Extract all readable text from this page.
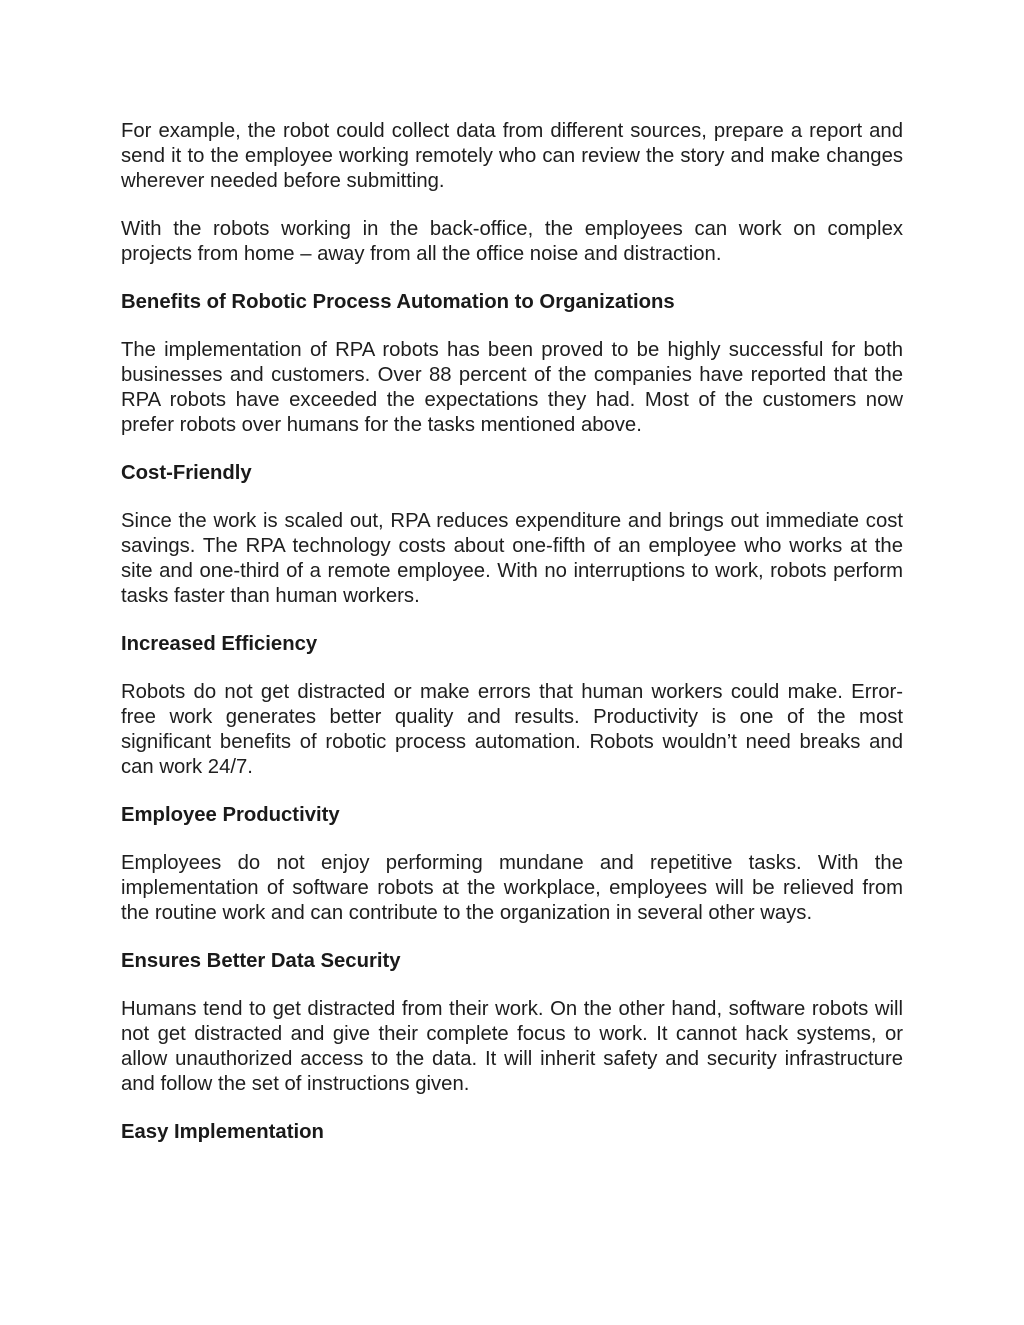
For example, the robot could collect data from different sources, prepare a report and send it to the employee working remotely who can review the story and make changes wherever needed before submitting.

With the robots working in the back-office, the employees can work on complex projects from home – away from all the office noise and distraction.

Benefits of Robotic Process Automation to Organizations

The implementation of RPA robots has been proved to be highly successful for both businesses and customers. Over 88 percent of the companies have reported that the RPA robots have exceeded the expectations they had. Most of the customers now prefer robots over humans for the tasks mentioned above.

Cost-Friendly

Since the work is scaled out, RPA reduces expenditure and brings out immediate cost savings. The RPA technology costs about one-fifth of an employee who works at the site and one-third of a remote employee. With no interruptions to work, robots perform tasks faster than human workers.

Increased Efficiency

Robots do not get distracted or make errors that human workers could make. Error-free work generates better quality and results. Productivity is one of the most significant benefits of robotic process automation. Robots wouldn’t need breaks and can work 24/7.

Employee Productivity

Employees do not enjoy performing mundane and repetitive tasks. With the implementation of software robots at the workplace, employees will be relieved from the routine work and can contribute to the organization in several other ways.

Ensures Better Data Security

Humans tend to get distracted from their work. On the other hand, software robots will not get distracted and give their complete focus to work. It cannot hack systems, or allow unauthorized access to the data. It will inherit safety and security infrastructure and follow the set of instructions given.

Easy Implementation
